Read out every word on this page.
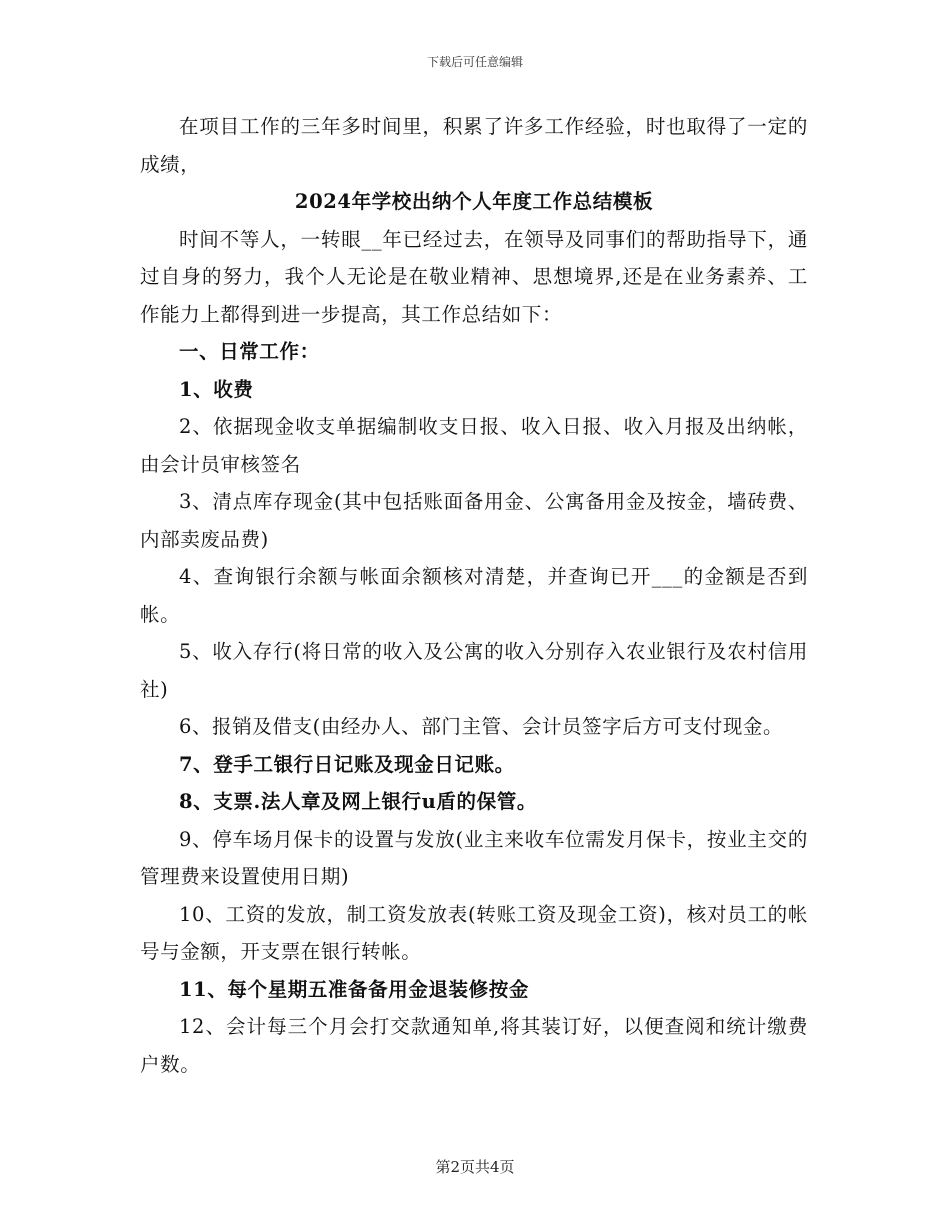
下载后可任意编辑

在项目工作的三年多时间里，积累了许多工作经验，时也取得了一定的成绩，

2024年学校出纳个人年度工作总结模板

时间不等人，一转眼__年已经过去，在领导及同事们的帮助指导下，通过自身的努力，我个人无论是在敬业精神、思想境界,还是在业务素养、工作能力上都得到进一步提高，其工作总结如下：

一、日常工作：

1、收费

2、依据现金收支单据编制收支日报、收入日报、收入月报及出纳帐，由会计员审核签名

3、清点库存现金(其中包括账面备用金、公寓备用金及按金，墙砖费、内部卖废品费)

4、查询银行余额与帐面余额核对清楚，并查询已开___的金额是否到帐。

5、收入存行(将日常的收入及公寓的收入分别存入农业银行及农村信用社)

6、报销及借支(由经办人、部门主管、会计员签字后方可支付现金。

7、登手工银行日记账及现金日记账。

8、支票.法人章及网上银行u盾的保管。

9、停车场月保卡的设置与发放(业主来收车位需发月保卡，按业主交的管理费来设置使用日期)

10、工资的发放，制工资发放表(转账工资及现金工资)，核对员工的帐号与金额，开支票在银行转帐。

11、每个星期五准备备用金退装修按金

12、会计每三个月会打交款通知单,将其装订好，以便查阅和统计缴费户数。

第2页共4页
